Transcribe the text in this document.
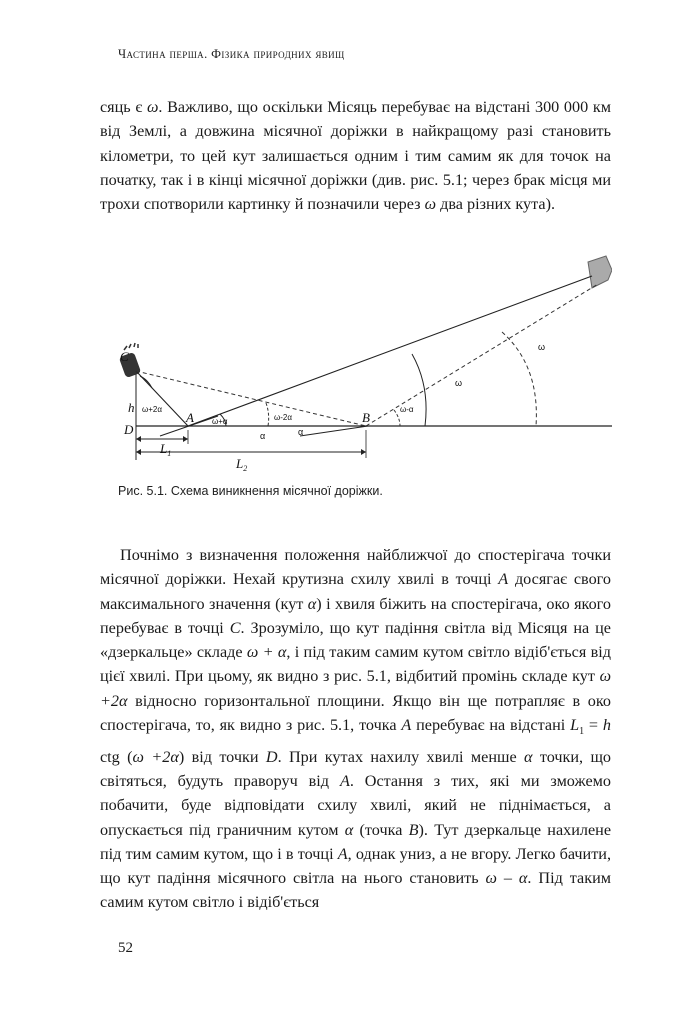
Частина перша. Фізика природних явищ
сяць є ω. Важливо, що оскільки Місяць перебуває на відстані 300 000 км від Землі, а довжина місячної доріжки в найкращому разі становить кілометри, то цей кут залишається одним і тим самим як для точок на початку, так і в кінці місячної доріжки (див. рис. 5.1; через брак місця ми трохи спотворили картинку й позначили через ω два різних кута).
C
h
D
A	B
$L_1$
$L_2$
ω+2α
ω+α	ω-2α
ω-α
α	α
ω
ω
Рис. 5.1. Схема виникнення місячної доріжки.
Почнімо з визначення положення найближчої до спостерігача точки місячної доріжки. Нехай крутизна схилу хвилі в точці A досягає свого максимального значення (кут α) і хвиля біжить на спостерігача, око якого перебуває в точці C. Зрозуміло, що кут падіння світла від Місяця на це «дзеркальце» складе ω + α, і під таким самим кутом світло відіб'ється від цієї хвилі. При цьому, як видно з рис. 5.1, відбитий промінь складе кут ω +2α відносно горизонтальної площини. Якщо він ще потрапляє в око спостерігача, то, як видно з рис. 5.1, точка A перебуває на відстані $L_1 = h$ ctg (ω +2α) від точки D. При кутах нахилу хвилі менше α точки, що світяться, будуть праворуч від A. Остання з тих, які ми зможемо побачити, буде відповідати схилу хвилі, який не піднімається, а опускається під граничним кутом α (точка B). Тут дзеркальце нахилене під тим самим кутом, що і в точці A, однак униз, а не вгору. Легко бачити, що кут падіння місячного світла на нього становить ω – α. Під таким самим кутом світло і відіб'ється
52
